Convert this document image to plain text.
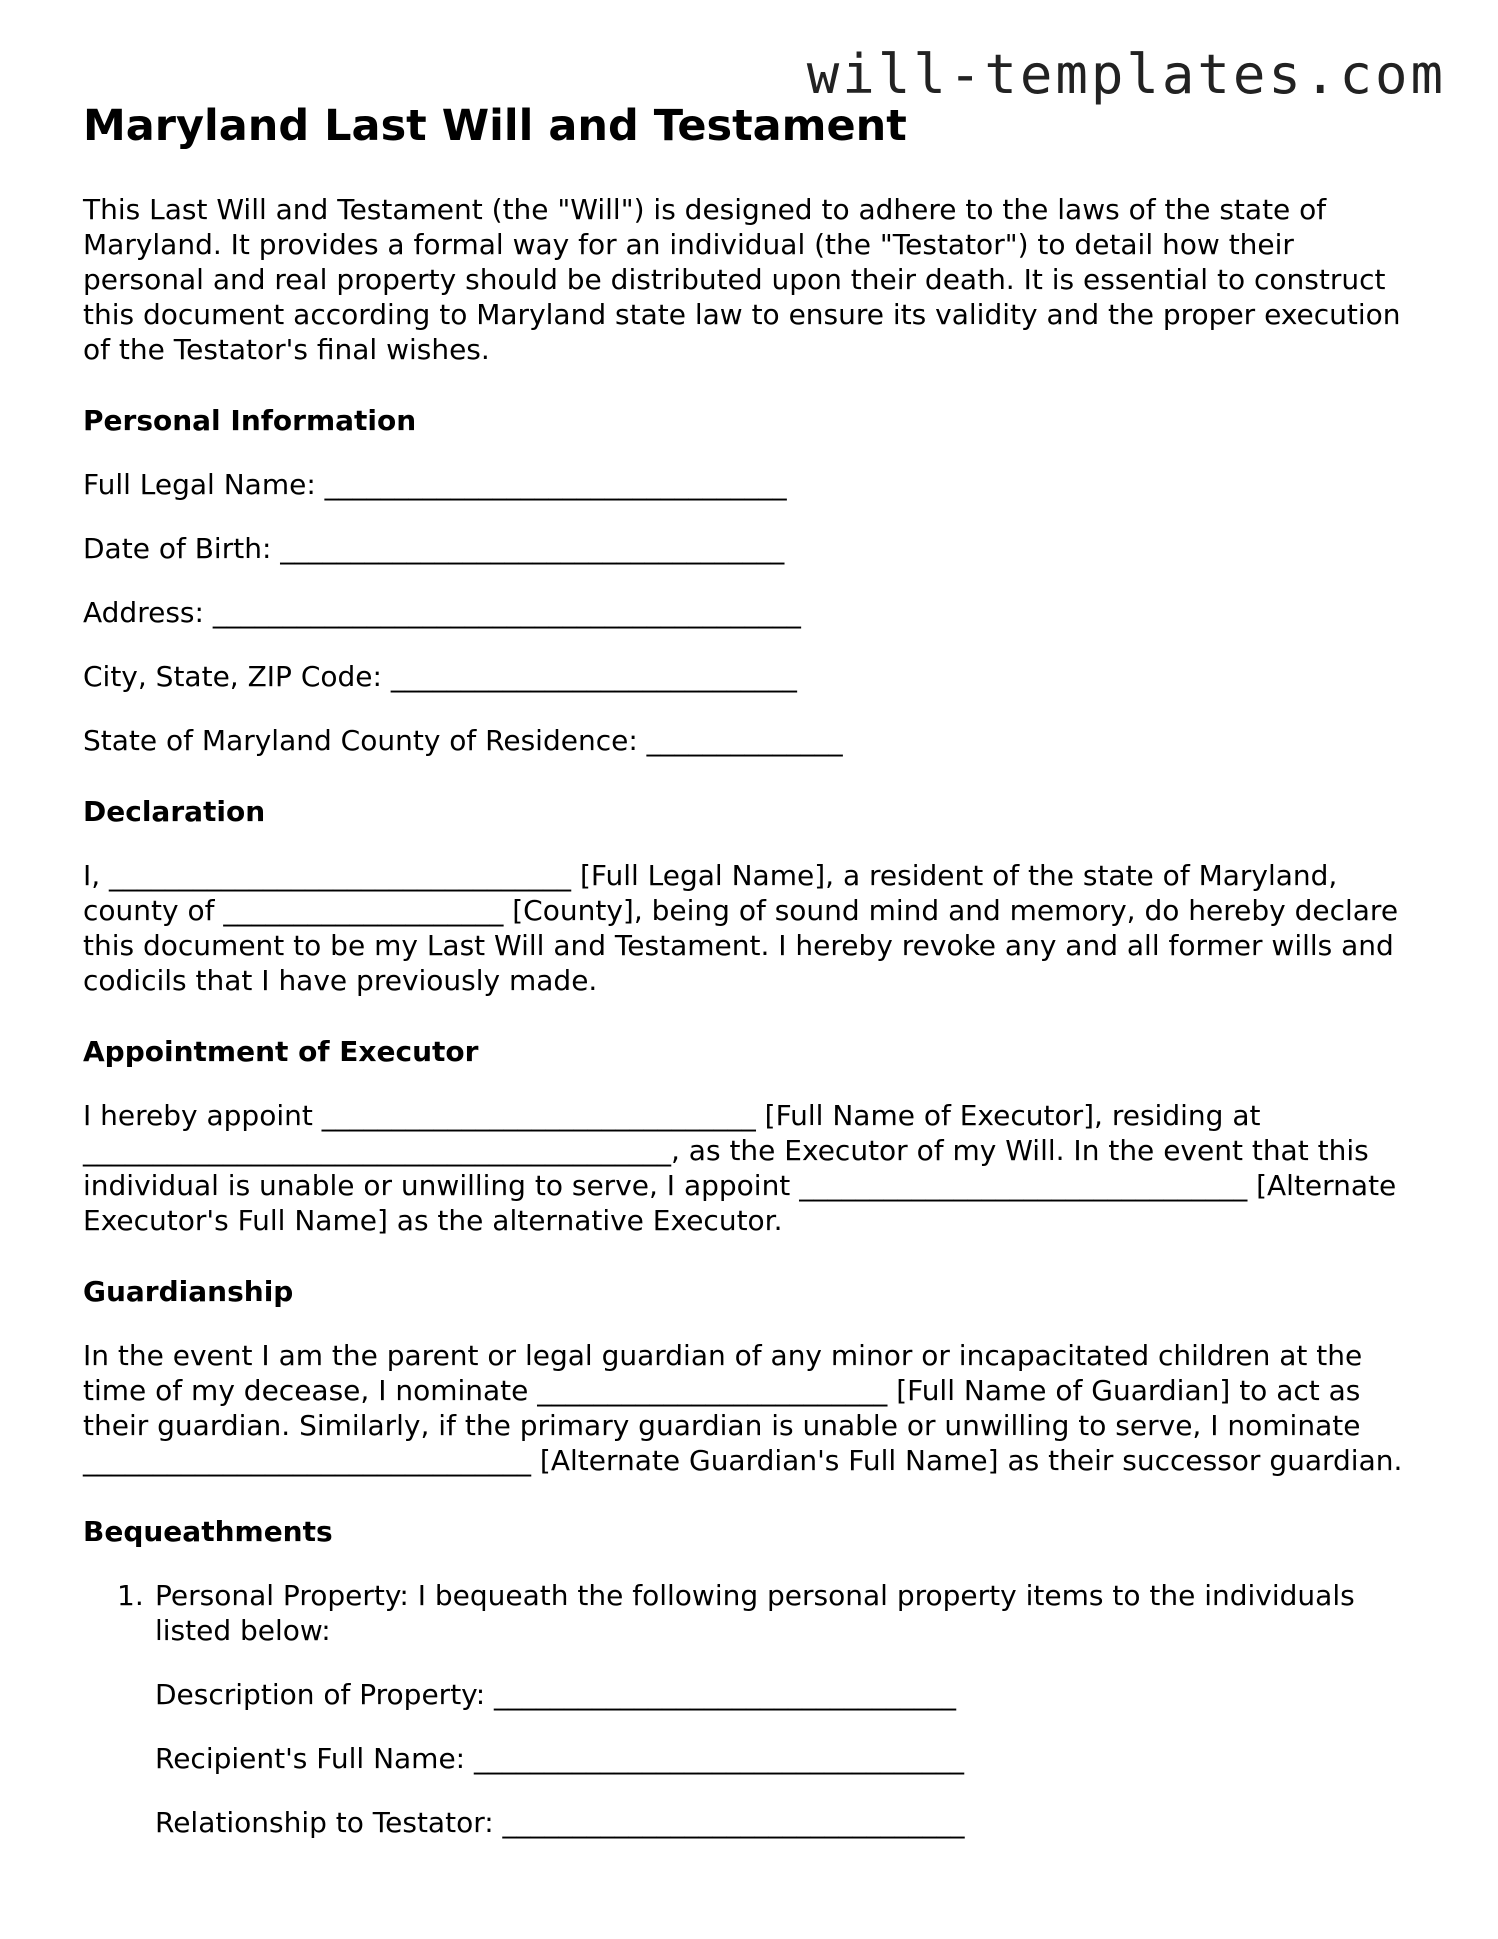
will-templates.com
Maryland Last Will and Testament

This Last Will and Testament (the "Will") is designed to adhere to the laws of the state of Maryland. It provides a formal way for an individual (the "Testator") to detail how their personal and real property should be distributed upon their death. It is essential to construct this document according to Maryland state law to ensure its validity and the proper execution of the Testator's final wishes.

Personal Information
Full Legal Name: _________________________________
Date of Birth: ____________________________________
Address: __________________________________________
City, State, ZIP Code: _____________________________
State of Maryland County of Residence: ______________
Declaration

I, _________________________________ [Full Legal Name], a resident of the state of Maryland, county of ____________________ [County], being of sound mind and memory, do hereby declare this document to be my Last Will and Testament. I hereby revoke any and all former wills and codicils that I have previously made.

Appointment of Executor

I hereby appoint _______________________________ [Full Name of Executor], residing at __________________________________________, as the Executor of my Will. In the event that this individual is unable or unwilling to serve, I appoint ________________________________ [Alternate Executor's Full Name] as the alternative Executor.

Guardianship

In the event I am the parent or legal guardian of any minor or incapacitated children at the time of my decease, I nominate _________________________ [Full Name of Guardian] to act as their guardian. Similarly, if the primary guardian is unable or unwilling to serve, I nominate ________________________________ [Alternate Guardian's Full Name] as their successor guardian.

Bequeathments
1. Personal Property: I bequeath the following personal property items to the individuals listed below:
Description of Property: _________________________________
Recipient's Full Name: ___________________________________
Relationship to Testator: _________________________________
